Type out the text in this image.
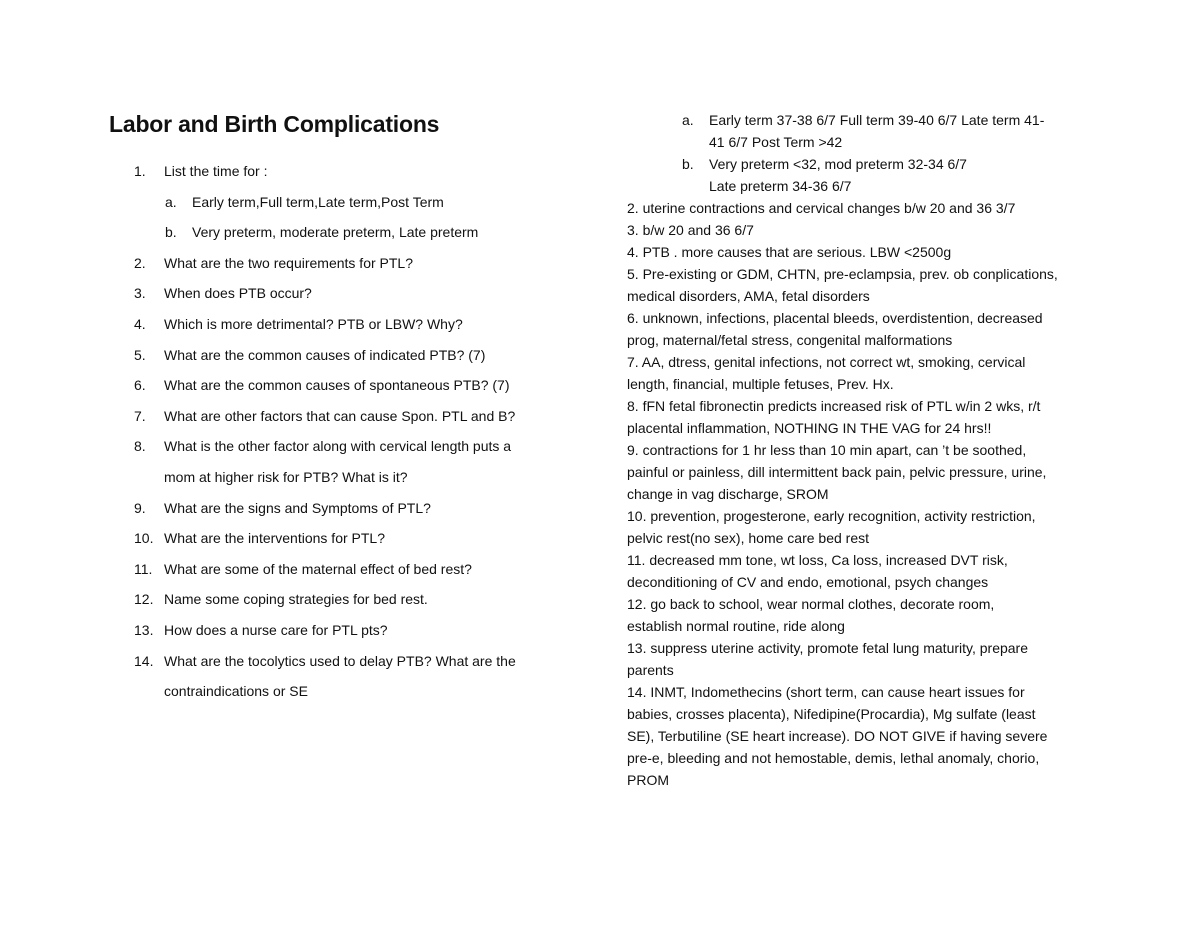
Labor and Birth Complications
1.	List the time for :
a.	Early term,Full term,Late term,Post Term
b.	Very preterm, moderate preterm, Late preterm
2.	What are the two requirements for PTL?
3.	When does PTB occur?
4.	Which is more detrimental? PTB or LBW? Why?
5.	What are the common causes of indicated PTB? (7)
6.	What are the common causes of spontaneous PTB? (7)
7.	What are other factors that can cause Spon. PTL and B?
8.	What is the other factor along with cervical length puts a
mom at higher risk for PTB? What is it?
9.	What are the signs and Symptoms of PTL?
10. What are the interventions for PTL?
11. What are some of the maternal effect of bed rest?
12. Name some coping strategies for bed rest.
13. How does a nurse care for PTL pts?
14. What are the tocolytics used to delay PTB? What are the
contraindications or SE
a.	Early term 37-38 6/7 Full term 39-40 6/7 Late term 41-
41 6/7 Post Term >42
b.	Very preterm <32, mod preterm 32-34 6/7
Late preterm 34-36 6/7
2. uterine contractions and cervical changes b/w 20 and 36 3/7
3. b/w 20 and 36 6/7
4. PTB . more causes that are serious. LBW <2500g
5. Pre-existing or GDM, CHTN, pre-eclampsia, prev. ob conplications,
medical disorders, AMA, fetal disorders
6. unknown, infections, placental bleeds, overdistention, decreased
prog, maternal/fetal stress, congenital malformations
7. AA, dtress, genital infections, not correct wt, smoking, cervical
length, financial, multiple fetuses, Prev. Hx.
8. fFN fetal fibronectin predicts increased risk of PTL w/in 2 wks, r/t
placental inflammation, NOTHING IN THE VAG for 24 hrs!!
9. contractions for 1 hr less than 10 min apart, can ’t be soothed,
painful or painless, dill intermittent back pain, pelvic pressure, urine,
change in vag discharge, SROM
10. prevention, progesterone, early recognition, activity restriction,
pelvic rest(no sex), home care bed rest
11. decreased mm tone, wt loss, Ca loss, increased DVT risk,
deconditioning of CV and endo, emotional, psych changes
12. go back to school, wear normal clothes, decorate room,
establish normal routine, ride along
13. suppress uterine activity, promote fetal lung maturity, prepare
parents
14. INMT, Indomethecins (short term, can cause heart issues for
babies, crosses placenta), Nifedipine(Procardia), Mg sulfate (least
SE), Terbutiline (SE heart increase). DO NOT GIVE if having severe
pre-e, bleeding and not hemostable, demis, lethal anomaly, chorio,
PROM
